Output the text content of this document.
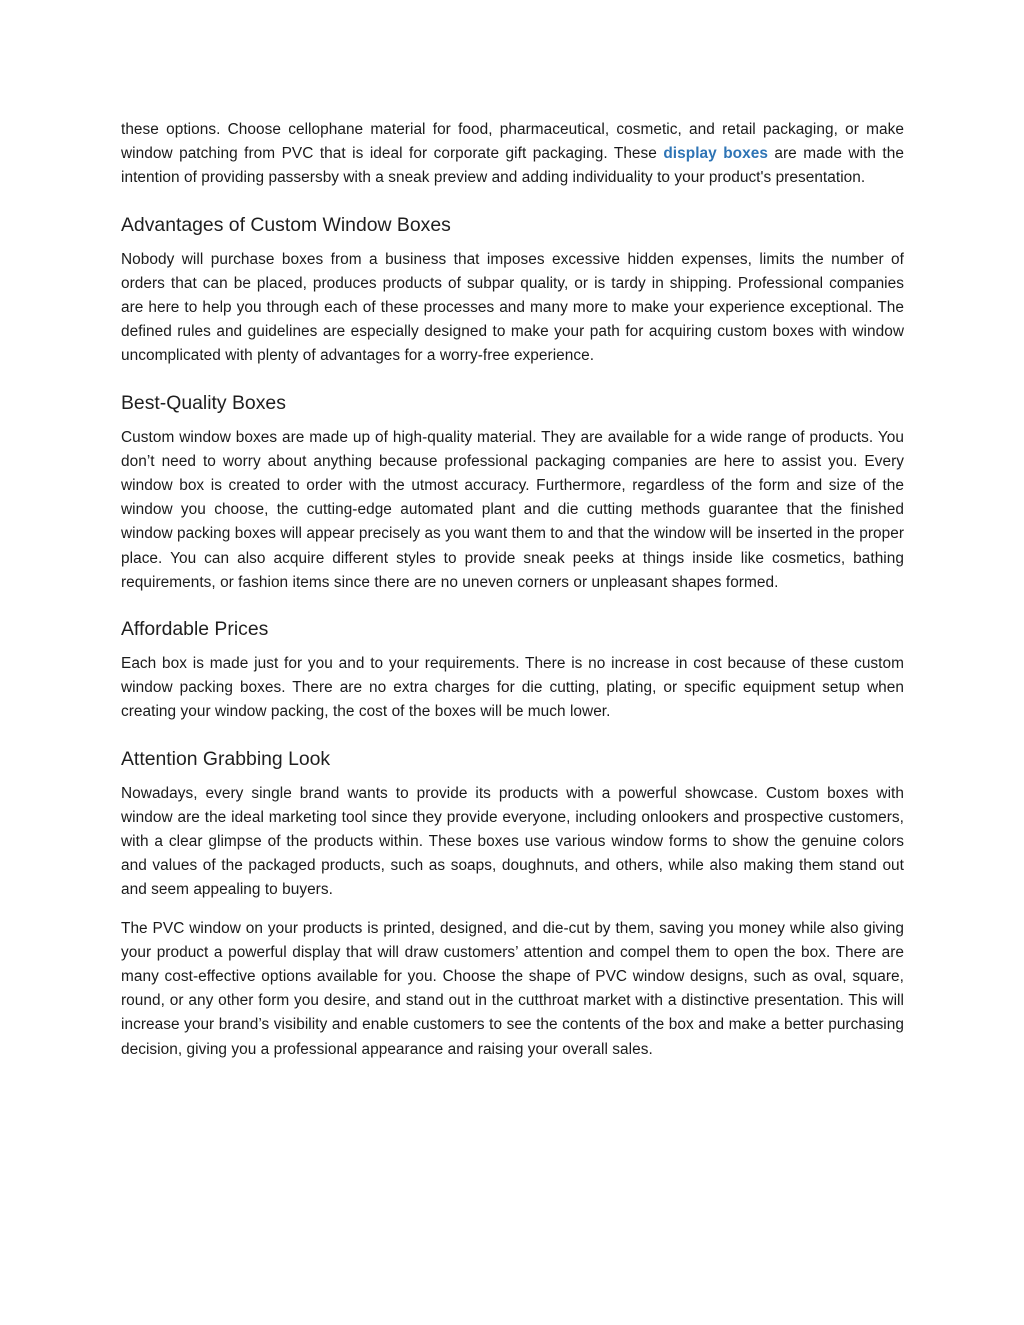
these options. Choose cellophane material for food, pharmaceutical, cosmetic, and retail packaging, or make window patching from PVC that is ideal for corporate gift packaging. These display boxes are made with the intention of providing passersby with a sneak preview and adding individuality to your product's presentation.

Advantages of Custom Window Boxes

Nobody will purchase boxes from a business that imposes excessive hidden expenses, limits the number of orders that can be placed, produces products of subpar quality, or is tardy in shipping. Professional companies are here to help you through each of these processes and many more to make your experience exceptional. The defined rules and guidelines are especially designed to make your path for acquiring custom boxes with window uncomplicated with plenty of advantages for a worry-free experience.

Best-Quality Boxes

Custom window boxes are made up of high-quality material. They are available for a wide range of products. You don’t need to worry about anything because professional packaging companies are here to assist you. Every window box is created to order with the utmost accuracy. Furthermore, regardless of the form and size of the window you choose, the cutting-edge automated plant and die cutting methods guarantee that the finished window packing boxes will appear precisely as you want them to and that the window will be inserted in the proper place. You can also acquire different styles to provide sneak peeks at things inside like cosmetics, bathing requirements, or fashion items since there are no uneven corners or unpleasant shapes formed.

Affordable Prices

Each box is made just for you and to your requirements. There is no increase in cost because of these custom window packing boxes. There are no extra charges for die cutting, plating, or specific equipment setup when creating your window packing, the cost of the boxes will be much lower.

Attention Grabbing Look

Nowadays, every single brand wants to provide its products with a powerful showcase. Custom boxes with window are the ideal marketing tool since they provide everyone, including onlookers and prospective customers, with a clear glimpse of the products within. These boxes use various window forms to show the genuine colors and values of the packaged products, such as soaps, doughnuts, and others, while also making them stand out and seem appealing to buyers.

The PVC window on your products is printed, designed, and die-cut by them, saving you money while also giving your product a powerful display that will draw customers’ attention and compel them to open the box. There are many cost-effective options available for you. Choose the shape of PVC window designs, such as oval, square, round, or any other form you desire, and stand out in the cutthroat market with a distinctive presentation. This will increase your brand’s visibility and enable customers to see the contents of the box and make a better purchasing decision, giving you a professional appearance and raising your overall sales.
